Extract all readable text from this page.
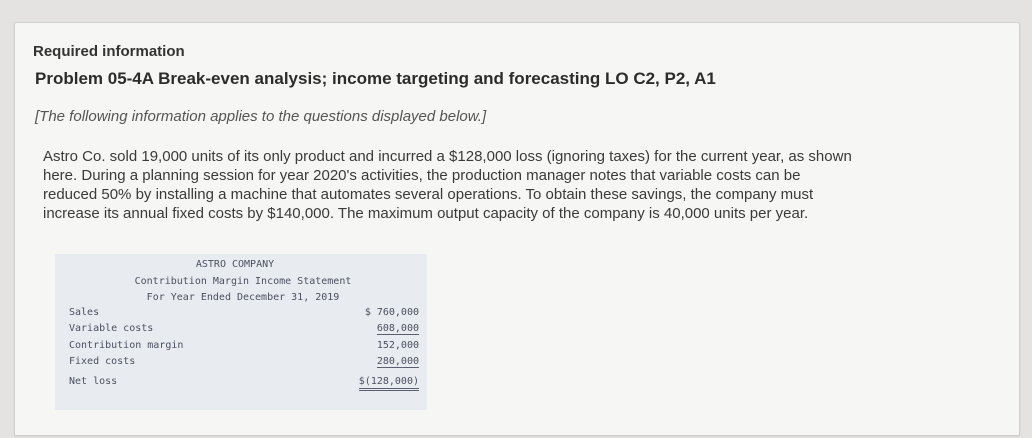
Required information
Problem 05-4A Break-even analysis; income targeting and forecasting LO C2, P2, A1
[The following information applies to the questions displayed below.]
Astro Co. sold 19,000 units of its only product and incurred a $128,000 loss (ignoring taxes) for the current year, as shown
here. During a planning session for year 2020's activities, the production manager notes that variable costs can be
reduced 50% by installing a machine that automates several operations. To obtain these savings, the company must
increase its annual fixed costs by $140,000. The maximum output capacity of the company is 40,000 units per year.
ASTRO COMPANY
Contribution Margin Income Statement
For Year Ended December 31, 2019
Sales	$ 760,000
Variable costs	608,000
Contribution margin	152,000
Fixed costs	280,000
Net loss	$(128,000)
